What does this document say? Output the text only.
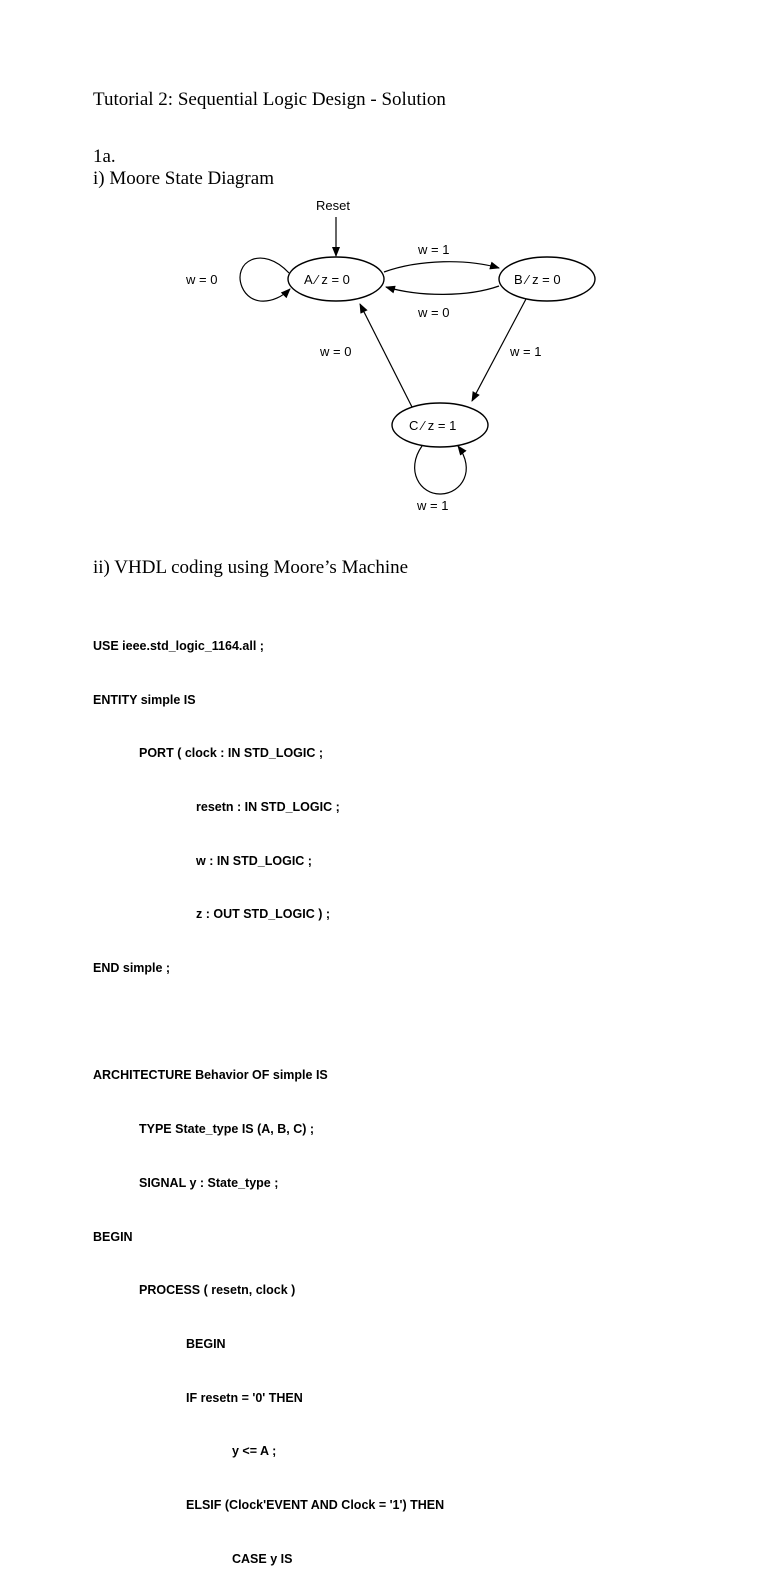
Tutorial 2: Sequential Logic Design - Solution
1a.
i) Moore State Diagram
Reset
A ⁄ z = 0	B ⁄ z = 0
C ⁄ z = 1
w = 0
w = 1
w = 0
w = 1
w = 0
w = 1
ii) VHDL coding using Moore’s Machine

USE ieee.std_logic_1164.all ;

ENTITY simple IS

PORT ( clock : IN STD_LOGIC ;

resetn : IN STD_LOGIC ;

w : IN STD_LOGIC ;

z : OUT STD_LOGIC ) ;

END simple ;

ARCHITECTURE Behavior OF simple IS

TYPE State_type IS (A, B, C) ;

SIGNAL y : State_type ;

BEGIN

PROCESS ( resetn, clock )

BEGIN

IF resetn = '0' THEN

y <= A ;

ELSIF (Clock'EVENT AND Clock = '1') THEN

CASE y IS
